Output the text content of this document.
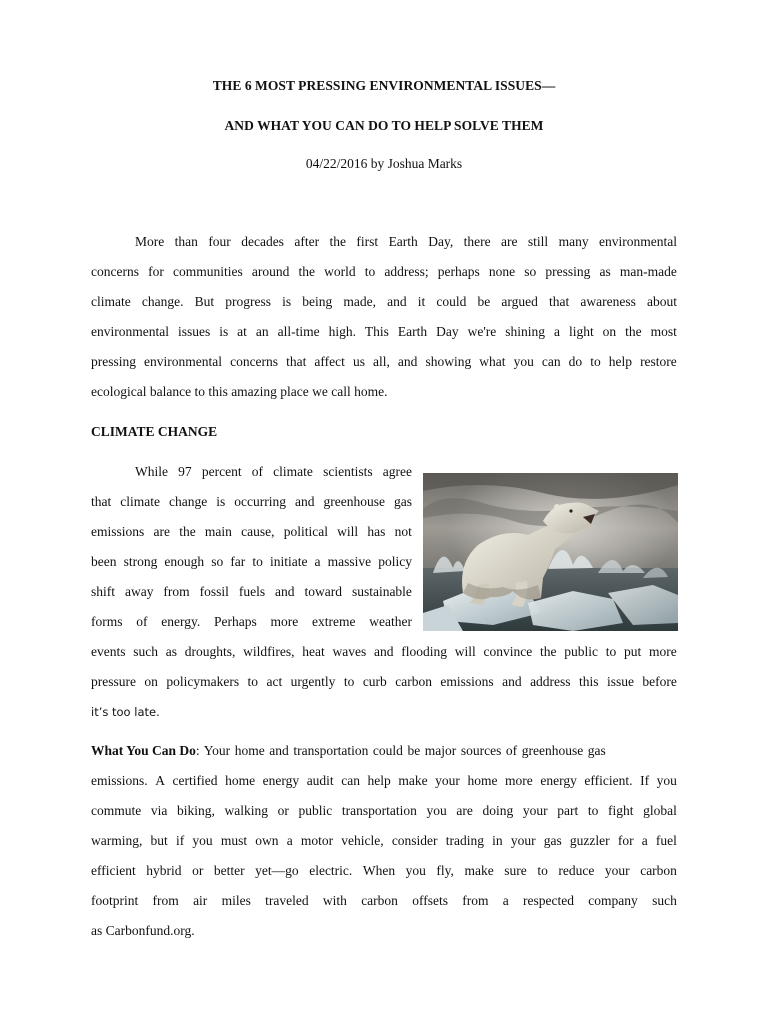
THE 6 MOST PRESSING ENVIRONMENTAL ISSUES—
AND WHAT YOU CAN DO TO HELP SOLVE THEM
04/22/2016 by Joshua Marks
More than four decades after the first Earth Day, there are still many environmental
concerns for communities around the world to address; perhaps none so pressing as man-made
climate change. But progress is being made, and it could be argued that awareness about
environmental issues is at an all-time high. This Earth Day we're shining a light on the most
pressing environmental concerns that affect us all, and showing what you can do to help restore
ecological balance to this amazing place we call home.
CLIMATE CHANGE
While 97 percent of climate scientists agree
that climate change is occurring and greenhouse gas
emissions are the main cause, political will has not
been strong enough so far to initiate a massive policy
shift away from fossil fuels and toward sustainable
forms of energy. Perhaps more extreme weather
events such as droughts, wildfires, heat waves and flooding will convince the public to put more
pressure on policymakers to act urgently to curb carbon emissions and address this issue before
it’s too late.
What You Can Do : Your home and transportation could be major sources of greenhouse gas
emissions. A certified home energy audit can help make your home more energy efficient. If you
commute via biking, walking or public transportation you are doing your part to fight global
warming, but if you must own a motor vehicle, consider trading in your gas guzzler for a fuel
efficient hybrid or better yet—go electric. When you fly, make sure to reduce your carbon
footprint from air miles traveled with carbon offsets from a respected company such
as Carbonfund.org.
